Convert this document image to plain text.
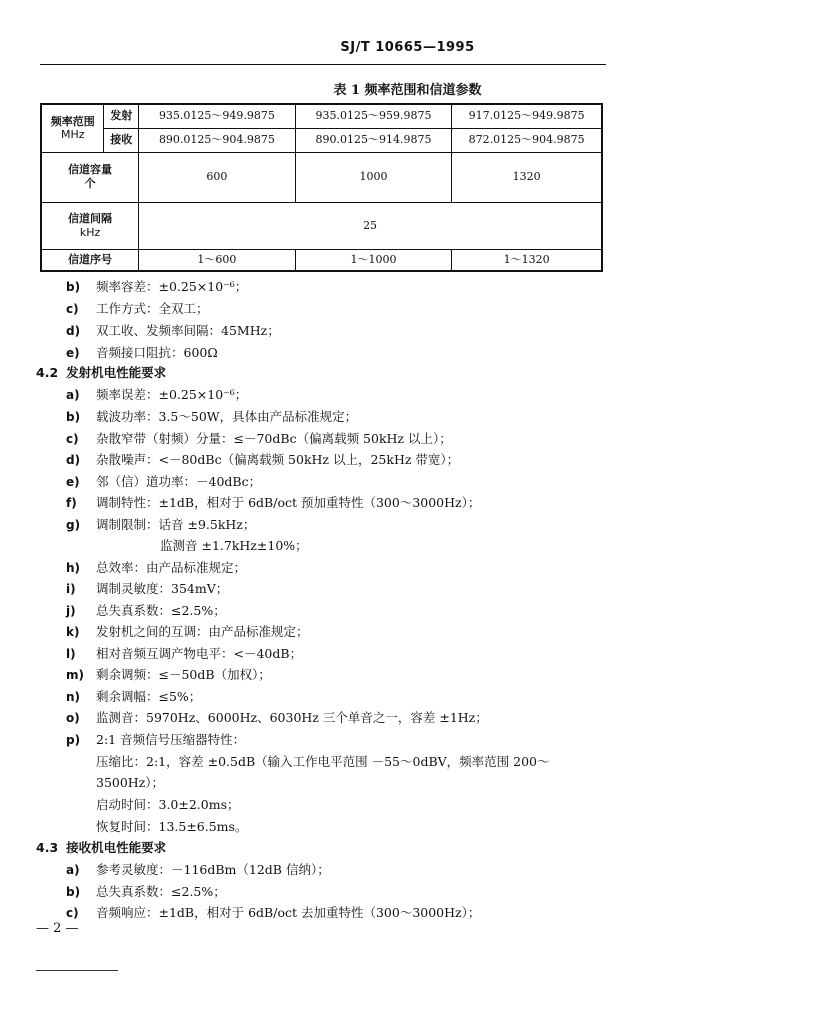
SJ/T 10665—1995
表 1 频率范围和信道参数
频率范围
MHz	发射	935.0125～949.9875	935.0125～959.9875	917.0125～949.9875
	接收	890.0125～904.9875	890.0125～914.9875	872.0125～904.9875

信道容量
个		600	1000	1320

信道间隔
kHz		25		
信道序号		1～600	1～1000	1～1320
b)	频率容差：±0.25×10⁻⁶；
c)	工作方式：全双工；
d)	双工收、发频率间隔：45MHz；
e)	音频接口阻抗：600Ω
4.2 发射机电性能要求
a)	频率误差：±0.25×10⁻⁶；
b)	载波功率：3.5～50W，具体由产品标准规定；
c)	杂散窄带（射频）分量：≤－70dBc（偏离载频 50kHz 以上）；
d)	杂散噪声：<－80dBc（偏离载频 50kHz 以上，25kHz 带宽）；
e)	邻（信）道功率：－40dBc；
f)	调制特性：±1dB，相对于 6dB/oct 预加重特性（300～3000Hz）；
g)	调制限制：话音 ±9.5kHz；
监测音 ±1.7kHz±10%；
h)	总效率：由产品标准规定；
i)	调制灵敏度：354mV；
j)	总失真系数：≤2.5%；
k)	发射机之间的互调：由产品标准规定；
l)	相对音频互调产物电平：<－40dB；
m) 剩余调频：≤－50dB（加权）；
n)	剩余调幅：≤5%；
o)	监测音：5970Hz、6000Hz、6030Hz 三个单音之一，容差 ±1Hz；
p)	2:1 音频信号压缩器特性：
压缩比：2:1，容差 ±0.5dB（输入工作电平范围 －55～0dBV，频率范围 200～
3500Hz）；
启动时间：3.0±2.0ms；
恢复时间：13.5±6.5ms。
4.3 接收机电性能要求
a)	参考灵敏度：－116dBm（12dB 信纳）；
b)	总失真系数：≤2.5%；
c)	音频响应：±1dB，相对于 6dB/oct 去加重特性（300～3000Hz）；
— 2 —
